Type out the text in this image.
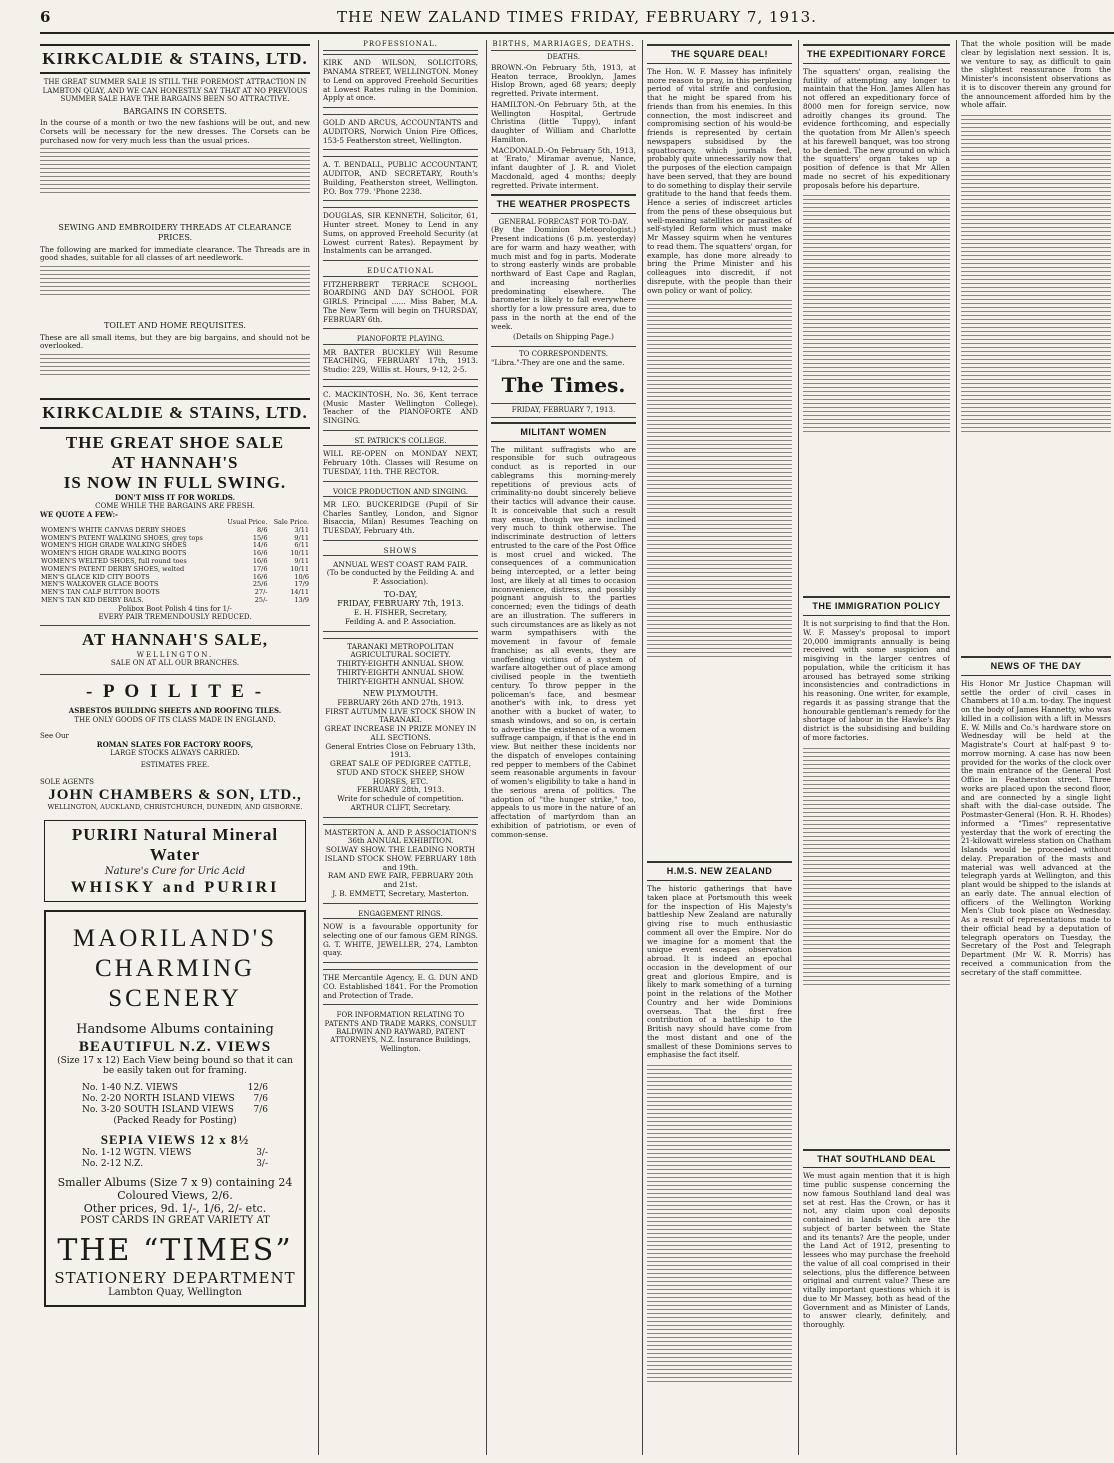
6	THE NEW ZALAND TIMES FRIDAY, FEBRUARY 7, 1913.
KIRKCALDIE & STAINS, LTD.

THE GREAT SUMMER SALE IS STILL THE FOREMOST ATTRACTION IN LAMBTON QUAY, AND WE CAN HONESTLY SAY THAT AT NO PREVIOUS SUMMER SALE HAVE THE BARGAINS BEEN SO ATTRACTIVE.

BARGAINS IN CORSETS.

In the course of a month or two the new fashions will be out, and new Corsets will be necessary for the new dresses. The Corsets can be purchased now for very much less than the usual prices.

SEWING AND EMBROIDERY THREADS AT CLEARANCE PRICES.

The following are marked for immediate clearance. The Threads are in good shades, suitable for all classes of art needlework.

TOILET AND HOME REQUISITES.

These are all small items, but they are big bargains, and should not be overlooked.

KIRKCALDIE & STAINS, LTD.
THE GREAT SHOE SALE
AT HANNAH'S
IS NOW IN FULL SWING.
DON'T MISS IT FOR WORLDS.
COME WHILE THE BARGAINS ARE FRESH.
WE QUOTE A FEW:-
	Usual Price.	Sale Price.
WOMEN'S WHITE CANVAS DERBY SHOES	8/6	3/11
WOMEN'S PATENT WALKING SHOES, grey tops	15/6	9/11
WOMEN'S HIGH GRADE WALKING SHOES	14/6	6/11
WOMEN'S HIGH GRADE WALKING BOOTS	16/6	10/11
WOMEN'S WELTED SHOES, full round toes	16/6	9/11
WOMEN'S PATENT DERBY SHOES, welted	17/6	10/11
MEN'S GLACE KID CITY BOOTS	16/6	10/6
MEN'S WALKOVER GLACE BOOTS	25/6	17/9
MEN'S TAN CALF BUTTON BOOTS	27/-	14/11
MEN'S TAN KID DERBY BALS.	25/-	13/9
Polibox Boot Polish 4 tins for 1/-
EVERY PAIR TREMENDOUSLY REDUCED.
AT HANNAH'S SALE,
WELLINGTON.
SALE ON AT ALL OUR BRANCHES.
- P O I L I T E -
ASBESTOS BUILDING SHEETS AND ROOFING TILES.
THE ONLY GOODS OF ITS CLASS MADE IN ENGLAND.
See Our
ROMAN SLATES FOR FACTORY ROOFS,
LARGE STOCKS ALWAYS CARRIED.
ESTIMATES FREE.
SOLE AGENTS
JOHN CHAMBERS & SON, LTD.,
WELLINGTON, AUCKLAND, CHRISTCHURCH, DUNEDIN, AND GISBORNE.
PURIRI Natural Mineral Water
Nature's Cure for Uric Acid
WHISKY and PURIRI
MAORILAND'S
CHARMING
SCENERY
Handsome Albums containing
BEAUTIFUL N.Z. VIEWS
(Size 17 x 12) Each View being bound so that it can be easily taken out for framing.
No. 1-40 N.Z. VIEWS	12/6
No. 2-20 NORTH ISLAND VIEWS 7/6
No. 3-20 SOUTH ISLAND VIEWS 7/6
(Packed Ready for Posting)
SEPIA VIEWS 12 x 8½
No. 1-12 WGTN. VIEWS	3/-
No. 2-12 N.Z.	3/-
Smaller Albums (Size 7 x 9) containing 24 Coloured Views, 2/6.
Other prices, 9d. 1/-, 1/6, 2/- etc.
POST CARDS IN GREAT VARIETY AT
THE “TIMES”
STATIONERY DEPARTMENT
Lambton Quay, Wellington
PROFESSIONAL.

KIRK AND WILSON, SOLICITORS, PANAMA STREET, WELLINGTON. Money to Lend on approved Freehold Securities at Lowest Rates ruling in the Dominion. Apply at once.

GOLD AND ARCUS, ACCOUNTANTS and AUDITORS, Norwich Union Fire Offices, 153-5 Featherston street, Wellington.

A. T. BENDALL, PUBLIC ACCOUNTANT, AUDITOR, AND SECRETARY, Routh's Building, Featherston street, Wellington. P.O. Box 779. 'Phone 2238.

DOUGLAS, SIR KENNETH, Solicitor, 61, Hunter street. Money to Lend in any Sums, on approved Freehold Security (at Lowest current Rates). Repayment by Instalments can be arranged.

EDUCATIONAL

FITZHERBERT TERRACE SCHOOL. BOARDING AND DAY SCHOOL FOR GIRLS. Principal ...... Miss Baber, M.A. The New Term will begin on THURSDAY, FEBRUARY 6th.

PIANOFORTE PLAYING.

MR BAXTER BUCKLEY Will Resume TEACHING, FEBRUARY 17th, 1913. Studio: 229, Willis st. Hours, 9-12, 2-5.

C. MACKINTOSH, No. 36, Kent terrace (Music Master Wellington College). Teacher of the PIANOFORTE AND SINGING.

ST. PATRICK'S COLLEGE.

WILL RE-OPEN on MONDAY NEXT, February 10th. Classes will Resume on TUESDAY, 11th. THE RECTOR.

VOICE PRODUCTION AND SINGING.

MR LEO. BUCKERIDGE (Pupil of Sir Charles Santley, London, and Signor Bisaccia, Milan) Resumes Teaching on TUESDAY, February 4th.

SHOWS
ANNUAL WEST COAST RAM FAIR.
(To be conducted by the Feilding A. and P. Association).
TO-DAY,
FRIDAY, FEBRUARY 7th, 1913.
E. H. FISHER, Secretary,
Feilding A. and P. Association.
TARANAKI METROPOLITAN AGRICULTURAL SOCIETY.
THIRTY-EIGHTH ANNUAL SHOW.
THIRTY-EIGHTH ANNUAL SHOW.
THIRTY-EIGHTH ANNUAL SHOW.
NEW PLYMOUTH.
FEBRUARY 26th AND 27th, 1913.
FIRST AUTUMN LIVE STOCK SHOW IN TARANAKI.
GREAT INCREASE IN PRIZE MONEY IN ALL SECTIONS.
General Entries Close on February 13th, 1913.
GREAT SALE OF PEDIGREE CATTLE, STUD AND STOCK SHEEP, SHOW HORSES, ETC.
FEBRUARY 28th, 1913.
Write for schedule of competition. ARTHUR CLIFT, Secretary.
MASTERTON A. AND P. ASSOCIATION'S 36th ANNUAL EXHIBITION.
SOLWAY SHOW. THE LEADING NORTH ISLAND STOCK SHOW. FEBRUARY 18th and 19th.
RAM AND EWE FAIR, FEBRUARY 20th and 21st.
J. B. EMMETT, Secretary, Masterton.
ENGAGEMENT RINGS.

NOW is a favourable opportunity for selecting one of our famous GEM RINGS. G. T. WHITE, JEWELLER, 274, Lambton quay.

THE Mercantile Agency, E. G. DUN AND CO. Established 1841. For the Promotion and Protection of Trade.

FOR INFORMATION RELATING TO PATENTS AND TRADE MARKS, CONSULT
BALDWIN AND RAYWARD, PATENT ATTORNEYS, N.Z. Insurance Buildings, Wellington.
BIRTHS, MARRIAGES, DEATHS.
DEATHS.

BROWN.-On February 5th, 1913, at Heaton terrace, Brooklyn, James Hislop Brown, aged 68 years; deeply regretted. Private interment.

HAMILTON.-On February 5th, at the Wellington Hospital, Gertrude Christina (little Tuppy), infant daughter of William and Charlotte Hamilton.

MACDONALD.-On February 5th, 1913, at 'Erato,' Miramar avenue, Nance, infant daughter of J. R. and Violet Macdonald, aged 4 months; deeply regretted. Private interment.

THE WEATHER PROSPECTS
GENERAL FORECAST FOR TO-DAY.

(By the Dominion Meteorologist.) Present indications (6 p.m. yesterday) are for warm and hazy weather, with much mist and fog in parts. Moderate to strong easterly winds are probable northward of East Cape and Raglan, and increasing northerlies predominating elsewhere. The barometer is likely to fall everywhere shortly for a low pressure area, due to pass in the north at the end of the week.

(Details on Shipping Page.)
TO CORRESPONDENTS.

"Libra."-They are one and the same.

The Times.
FRIDAY, FEBRUARY 7, 1913.
MILITANT WOMEN

The militant suffragists who are responsible for such outrageous conduct as is reported in our cablegrams this morning-merely repetitions of previous acts of criminality-no doubt sincerely believe their tactics will advance their cause. It is conceivable that such a result may ensue, though we are inclined very much to think otherwise. The indiscriminate destruction of letters entrusted to the care of the Post Office is most cruel and wicked. The consequences of a communication being intercepted, or a letter being lost, are likely at all times to occasion inconvenience, distress, and possibly poignant anguish to the parties concerned; even the tidings of death are an illustration. The sufferers in such circumstances are as likely as not warm sympathisers with the movement in favour of female franchise; as all events, they are unoffending victims of a system of warfare altogether out of place among civilised people in the twentieth century. To throw pepper in the policeman's face, and besmear another's with ink, to dress yet another with a bucket of water, to smash windows, and so on, is certain to advertise the existence of a women suffrage campaign, if that is the end in view. But neither these incidents nor the dispatch of envelopes containing red pepper to members of the Cabinet seem reasonable arguments in favour of women's eligibility to take a hand in the serious arena of politics. The adoption of "the hunger strike," too, appeals to us more in the nature of an affectation of martyrdom than an exhibition of patriotism, or even of common-sense.

THE SQUARE DEAL!

The Hon. W. F. Massey has infinitely more reason to pray, in this perplexing period of vital strife and confusion, that he might be spared from his friends than from his enemies. In this connection, the most indiscreet and compromising section of his would-be friends is represented by certain newspapers subsidised by the squattocracy, which journals feel, probably quite unnecessarily now that the purposes of the election campaign have been served, that they are bound to do something to display their servile gratitude to the hand that feeds them. Hence a series of indiscreet articles from the pens of these obsequious but well-meaning satellites or parasites of self-styled Reform which must make Mr Massey squirm when he ventures to read them. The squatters' organ, for example, has done more already to bring the Prime Minister and his colleagues into discredit, if not disrepute, with the people than their own policy or want of policy.

H.M.S. NEW ZEALAND

The historic gatherings that have taken place at Portsmouth this week for the inspection of His Majesty's battleship New Zealand are naturally giving rise to much enthusiastic comment all over the Empire. Nor do we imagine for a moment that the unique event escapes observation abroad. It is indeed an epochal occasion in the development of our great and glorious Empire, and is likely to mark something of a turning point in the relations of the Mother Country and her wide Dominions overseas. That the first free contribution of a battleship to the British navy should have come from the most distant and one of the smallest of these Dominions serves to emphasise the fact itself.

THE EXPEDITIONARY FORCE

The squatters' organ, realising the futility of attempting any longer to maintain that the Hon. James Allen has not offered an expeditionary force of 8000 men for foreign service, now adroitly changes its ground. The evidence forthcoming, and especially the quotation from Mr Allen's speech at his farewell banquet, was too strong to be denied. The new ground on which the squatters' organ takes up a position of defence is that Mr Allen made no secret of his expeditionary proposals before his departure.

THE IMMIGRATION POLICY

It is not surprising to find that the Hon. W. F. Massey's proposal to import 20,000 immigrants annually is being received with some suspicion and misgiving in the larger centres of population, while the criticism it has aroused has betrayed some striking inconsistencies and contradictions in his reasoning. One writer, for example, regards it as passing strange that the honourable gentleman's remedy for the shortage of labour in the Hawke's Bay district is the subsidising and building of more factories.

THAT SOUTHLAND DEAL

We must again mention that it is high time public suspense concerning the now famous Southland land deal was set at rest. Has the Crown, or has it not, any claim upon coal deposits contained in lands which are the subject of barter between the State and its tenants? Are the people, under the Land Act of 1912, presenting to lessees who may purchase the freehold the value of all coal comprised in their selections, plus the difference between original and current value? These are vitally important questions which it is due to Mr Massey, both as head of the Government and as Minister of Lands, to answer clearly, definitely, and thoroughly.

That the whole position will be made clear by legislation next session. It is, we venture to say, as difficult to gain the slightest reassurance from the Minister's inconsistent observations as it is to discover therein any ground for the announcement afforded him by the whole affair.

NEWS OF THE DAY

His Honor Mr Justice Chapman will settle the order of civil cases in Chambers at 10 a.m. to-day. The inquest on the body of James Hannetty, who was killed in a collision with a lift in Messrs E. W. Mills and Co.'s hardware store on Wednesday will be held at the Magistrate's Court at half-past 9 to-morrow morning. A case has now been provided for the works of the clock over the main entrance of the General Post Office in Featherston street. Three works are placed upon the second floor, and are connected by a single light shaft with the dial-case outside. The Postmaster-General (Hon. R. H. Rhodes) informed a "Times" representative yesterday that the work of erecting the 21-kilowatt wireless station on Chatham Islands would be proceeded without delay. Preparation of the masts and material was well advanced at the telegraph yards at Wellington, and this plant would be shipped to the islands at an early date. The annual election of officers of the Wellington Working Men's Club took place on Wednesday. As a result of representations made to their official head by a deputation of telegraph operators on Tuesday, the Secretary of the Post and Telegraph Department (Mr W. R. Morris) has received a communication from the secretary of the staff committee.
